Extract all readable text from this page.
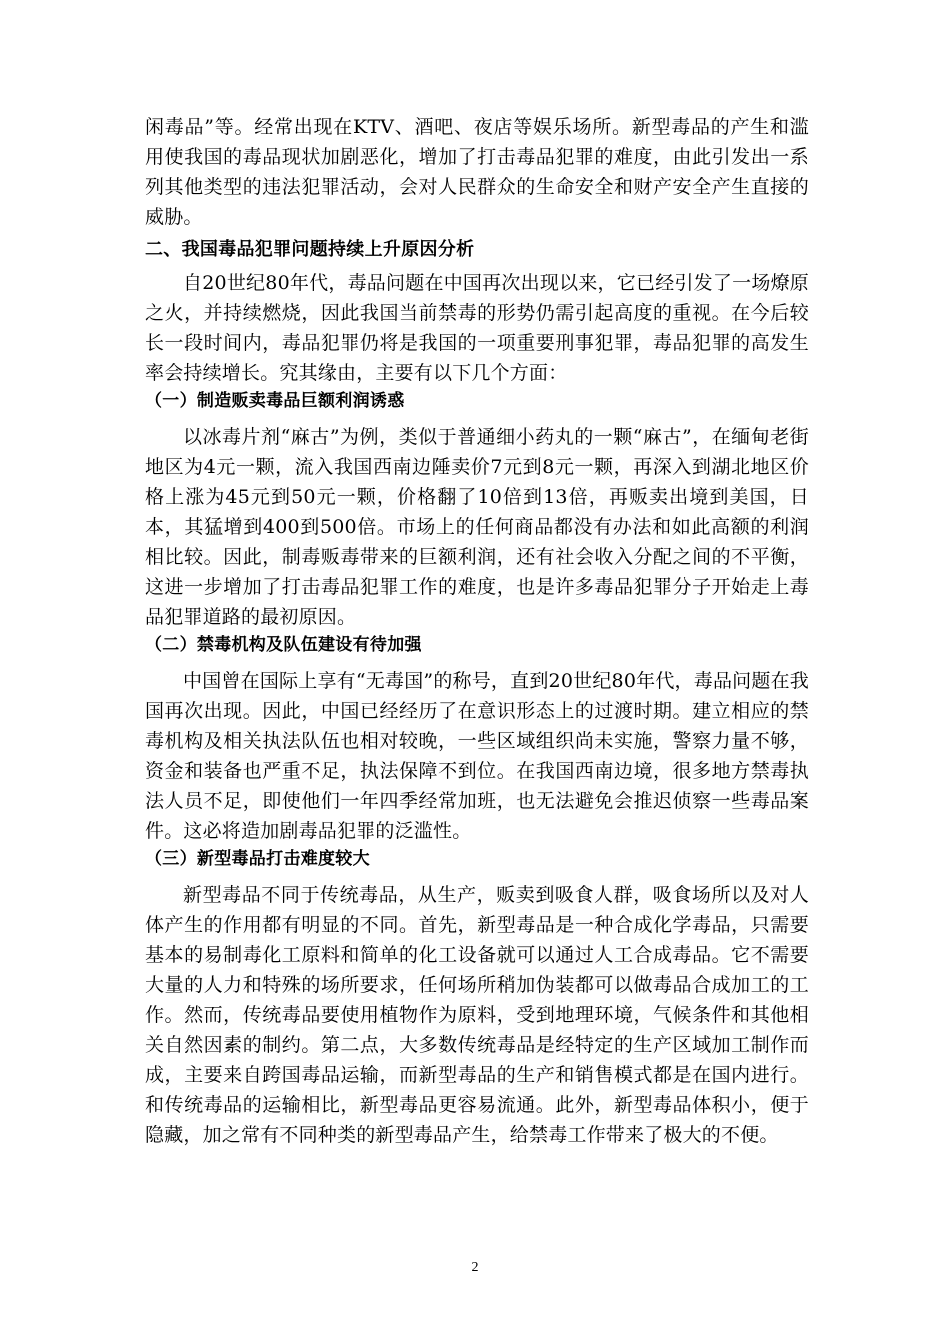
闲毒品”等。经常出现在KTV、酒吧、夜店等娱乐场所。新型毒品的产生和滥用使我国的毒品现状加剧恶化，增加了打击毒品犯罪的难度，由此引发出一系列其他类型的违法犯罪活动，会对人民群众的生命安全和财产安全产生直接的威胁。

二、我国毒品犯罪问题持续上升原因分析

自20世纪80年代，毒品问题在中国再次出现以来，它已经引发了一场燎原之火，并持续燃烧，因此我国当前禁毒的形势仍需引起高度的重视。在今后较长一段时间内，毒品犯罪仍将是我国的一项重要刑事犯罪，毒品犯罪的高发生率会持续增长。究其缘由，主要有以下几个方面：

（一）制造贩卖毒品巨额利润诱惑

以冰毒片剂“麻古”为例，类似于普通细小药丸的一颗“麻古”，在缅甸老街地区为4元一颗，流入我国西南边陲卖价7元到8元一颗，再深入到湖北地区价格上涨为45元到50元一颗，价格翻了10倍到13倍，再贩卖出境到美国，日本，其猛增到400到500倍。市场上的任何商品都没有办法和如此高额的利润相比较。因此，制毒贩毒带来的巨额利润，还有社会收入分配之间的不平衡，这进一步增加了打击毒品犯罪工作的难度，也是许多毒品犯罪分子开始走上毒品犯罪道路的最初原因。

（二）禁毒机构及队伍建设有待加强

中国曾在国际上享有“无毒国”的称号，直到20世纪80年代，毒品问题在我国再次出现。因此，中国已经经历了在意识形态上的过渡时期。建立相应的禁毒机构及相关执法队伍也相对较晚，一些区域组织尚未实施，警察力量不够，资金和装备也严重不足，执法保障不到位。在我国西南边境，很多地方禁毒执法人员不足，即使他们一年四季经常加班，也无法避免会推迟侦察一些毒品案件。这必将造加剧毒品犯罪的泛滥性。

（三）新型毒品打击难度较大

新型毒品不同于传统毒品，从生产，贩卖到吸食人群，吸食场所以及对人体产生的作用都有明显的不同。首先，新型毒品是一种合成化学毒品，只需要基本的易制毒化工原料和简单的化工设备就可以通过人工合成毒品。它不需要大量的人力和特殊的场所要求，任何场所稍加伪装都可以做毒品合成加工的工作。然而，传统毒品要使用植物作为原料，受到地理环境，气候条件和其他相关自然因素的制约。第二点，大多数传统毒品是经特定的生产区域加工制作而成，主要来自跨国毒品运输，而新型毒品的生产和销售模式都是在国内进行。和传统毒品的运输相比，新型毒品更容易流通。此外，新型毒品体积小，便于隐藏，加之常有不同种类的新型毒品产生，给禁毒工作带来了极大的不便。

2
